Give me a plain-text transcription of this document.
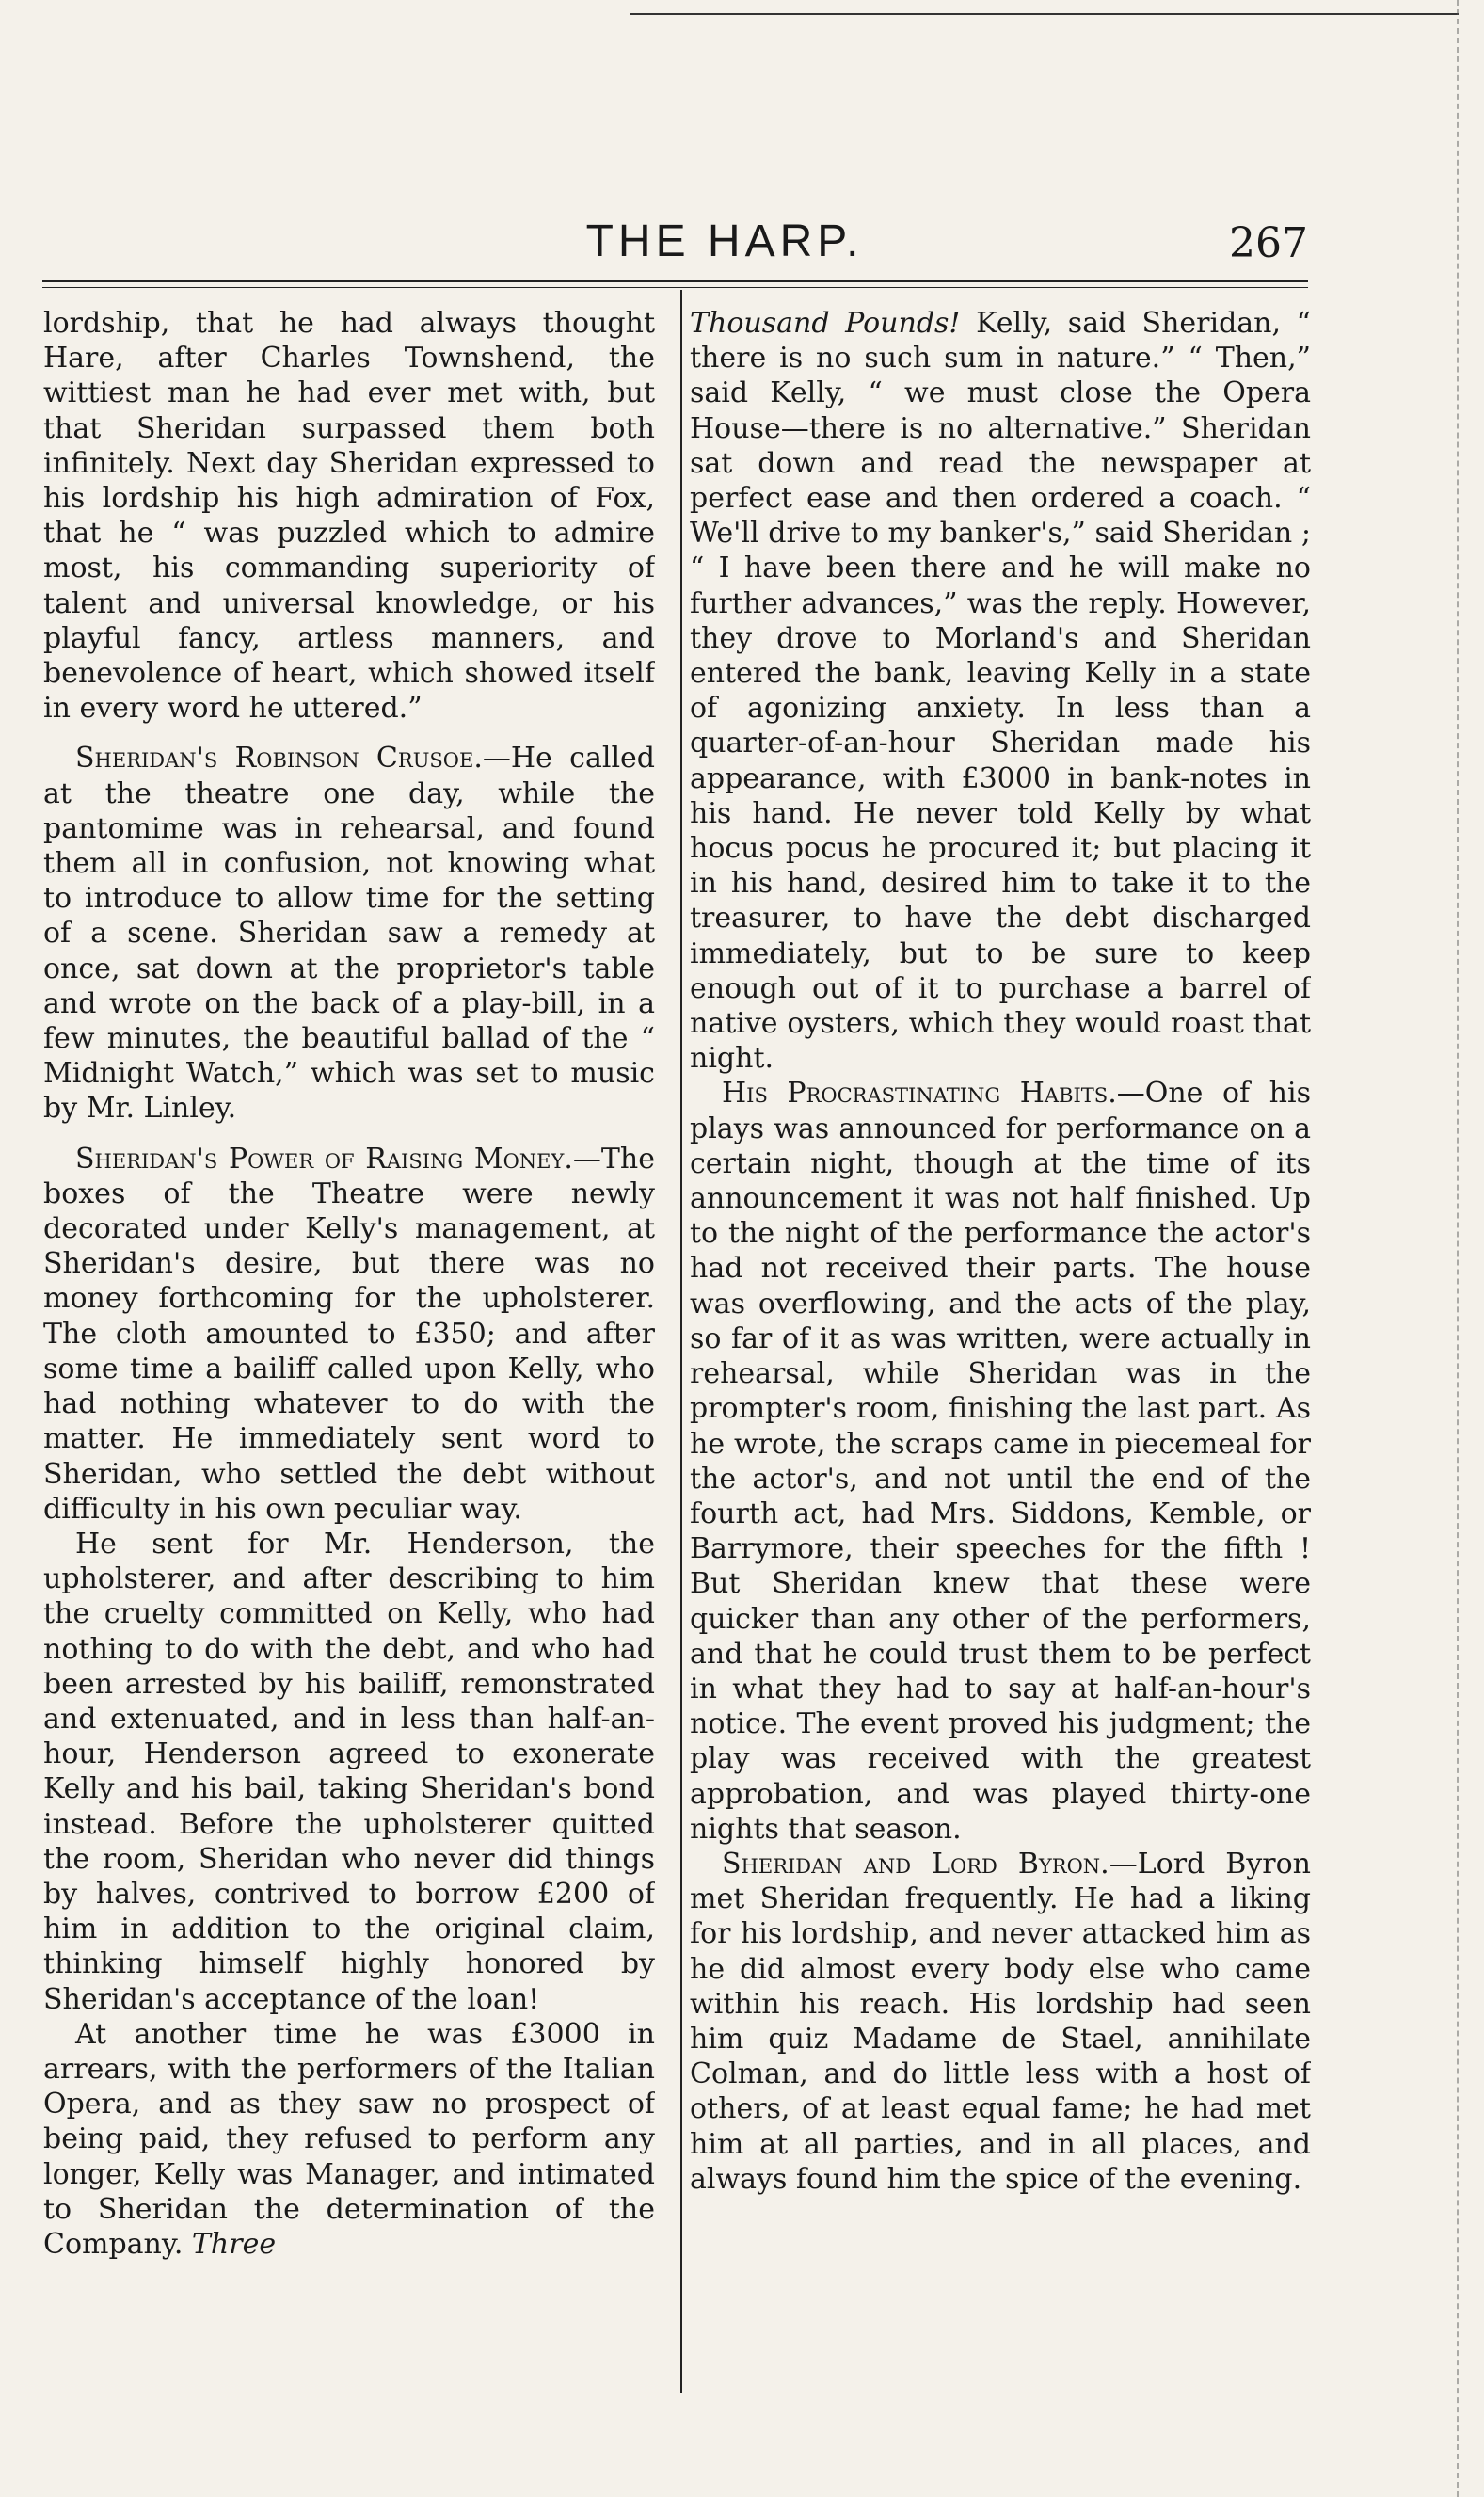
THE HARP.	267

lordship, that he had always thought Hare, after Charles Townshend, the wittiest man he had ever met with, but that Sheridan surpassed them both infinitely. Next day Sheridan expressed to his lordship his high admiration of Fox, that he “ was puzzled which to admire most, his commanding superiority of talent and universal knowledge, or his playful fancy, artless manners, and benevolence of heart, which showed itself in every word he uttered.”

Sheridan's Robinson Crusoe.—He called at the theatre one day, while the pantomime was in rehearsal, and found them all in confusion, not knowing what to introduce to allow time for the setting of a scene. Sheridan saw a remedy at once, sat down at the proprietor's table and wrote on the back of a play-bill, in a few minutes, the beautiful ballad of the “ Midnight Watch,” which was set to music by Mr. Linley.

Sheridan's Power of Raising Money.—The boxes of the Theatre were newly decorated under Kelly's management, at Sheridan's desire, but there was no money forthcoming for the upholsterer. The cloth amounted to £350; and after some time a bailiff called upon Kelly, who had nothing whatever to do with the matter. He immediately sent word to Sheridan, who settled the debt without difficulty in his own peculiar way.

He sent for Mr. Henderson, the upholsterer, and after describing to him the cruelty committed on Kelly, who had nothing to do with the debt, and who had been arrested by his bailiff, remonstrated and extenuated, and in less than half-an-hour, Henderson agreed to exonerate Kelly and his bail, taking Sheridan's bond instead. Before the upholsterer quitted the room, Sheridan who never did things by halves, contrived to borrow £200 of him in addition to the original claim, thinking himself highly honored by Sheridan's acceptance of the loan!

At another time he was £3000 in arrears, with the performers of the Italian Opera, and as they saw no prospect of being paid, they refused to perform any longer, Kelly was Manager, and intimated to Sheridan the determination of the Company. Three

Thousand Pounds! Kelly, said Sheridan, “ there is no such sum in nature.” “ Then,” said Kelly, “ we must close the Opera House—there is no alternative.” Sheridan sat down and read the newspaper at perfect ease and then ordered a coach. “ We'll drive to my banker's,” said Sheridan ; “ I have been there and he will make no further advances,” was the reply. However, they drove to Morland's and Sheridan entered the bank, leaving Kelly in a state of agonizing anxiety. In less than a quarter-of-an-hour Sheridan made his appearance, with £3000 in bank-notes in his hand. He never told Kelly by what hocus pocus he procured it; but placing it in his hand, desired him to take it to the treasurer, to have the debt discharged immediately, but to be sure to keep enough out of it to purchase a barrel of native oysters, which they would roast that night.

His Procrastinating Habits.—One of his plays was announced for performance on a certain night, though at the time of its announcement it was not half finished. Up to the night of the performance the actor's had not received their parts. The house was overflowing, and the acts of the play, so far of it as was written, were actually in rehearsal, while Sheridan was in the prompter's room, finishing the last part. As he wrote, the scraps came in piecemeal for the actor's, and not until the end of the fourth act, had Mrs. Siddons, Kemble, or Barrymore, their speeches for the fifth ! But Sheridan knew that these were quicker than any other of the performers, and that he could trust them to be perfect in what they had to say at half-an-hour's notice. The event proved his judgment; the play was received with the greatest approbation, and was played thirty-one nights that season.

Sheridan and Lord Byron.—Lord Byron met Sheridan frequently. He had a liking for his lordship, and never attacked him as he did almost every body else who came within his reach. His lordship had seen him quiz Madame de Stael, annihilate Colman, and do little less with a host of others, of at least equal fame; he had met him at all parties, and in all places, and always found him the spice of the evening.
